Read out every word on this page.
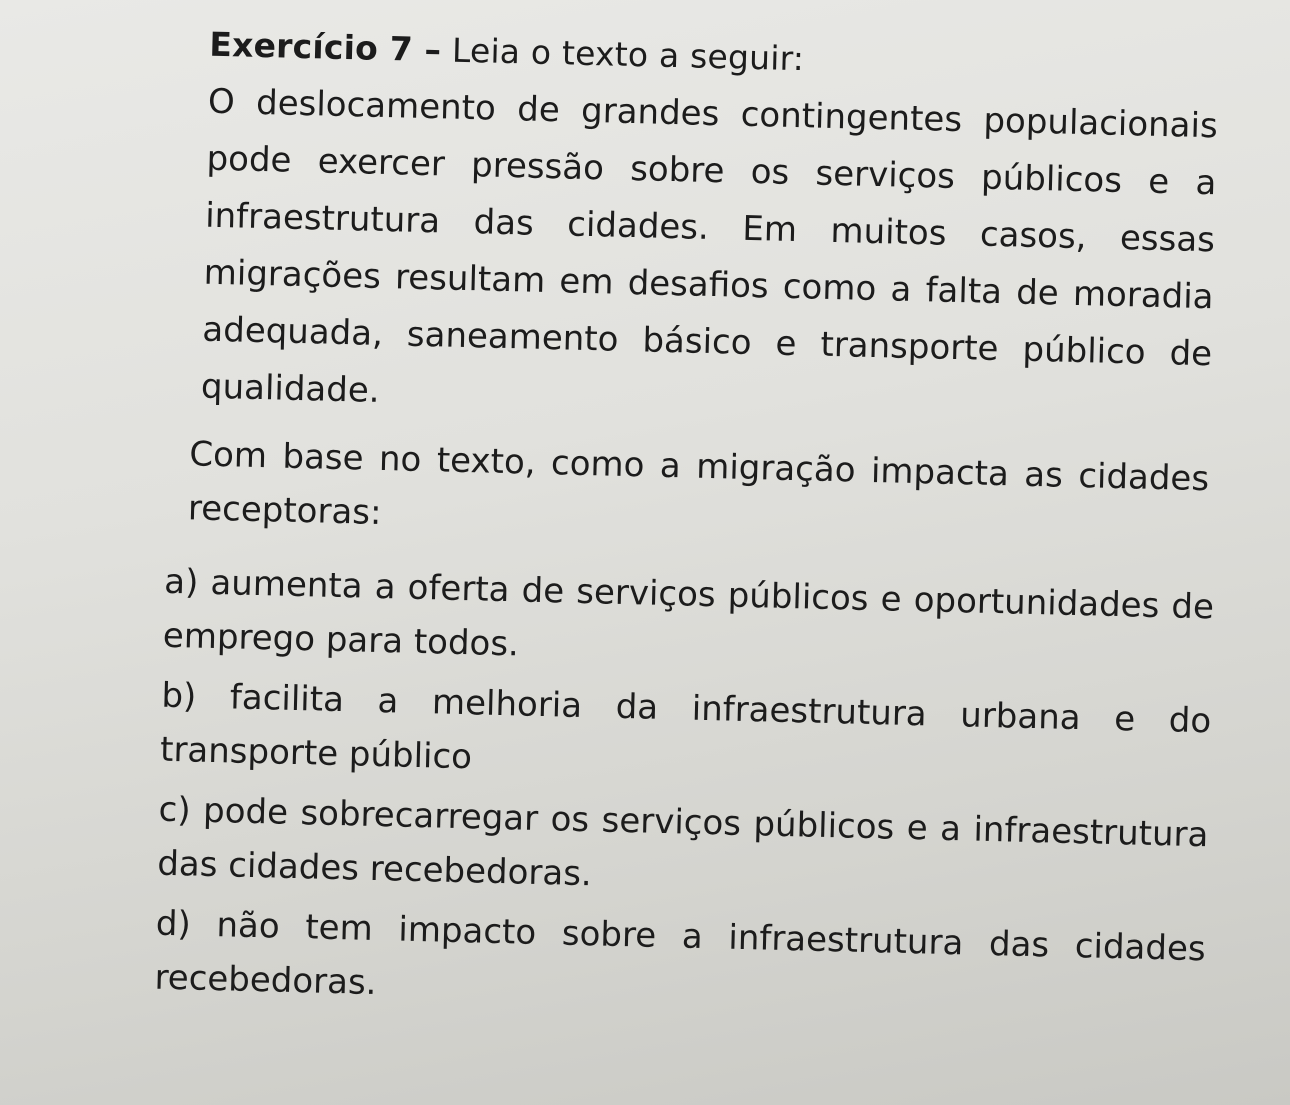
Exercício 7 – Leia o texto a seguir:

O deslocamento de grandes contingentes populacionais pode exercer pressão sobre os serviços públicos e a infraestrutura das cidades. Em muitos casos, essas migrações resultam em desafios como a falta de moradia adequada, saneamento básico e transporte público de qualidade.

Com base no texto, como a migração impacta as cidades receptoras:

a) aumenta a oferta de serviços públicos e oportunidades de emprego para todos.

b) facilita a melhoria da infraestrutura urbana e do transporte público

c) pode sobrecarregar os serviços públicos e a infraestrutura das cidades recebedoras.

d) não tem impacto sobre a infraestrutura das cidades recebedoras.
